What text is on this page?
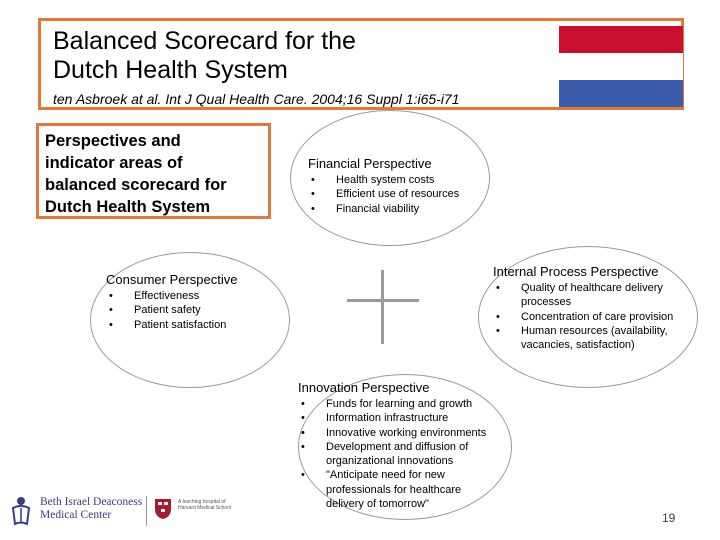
Balanced Scorecard for the
Dutch Health System
ten Asbroek at al. Int J Qual Health Care. 2004;16 Suppl 1:i65-i71
Perspectives and
indicator areas of
balanced scorecard for
Dutch Health System
Financial Perspective
• Health system costs
• Efficient use of resources
• Financial viability
Consumer Perspective
• Effectiveness
• Patient safety
• Patient satisfaction
Internal Process Perspective
• Quality of healthcare delivery processes
• Concentration of care provision
• Human resources (availability, vacancies, satisfaction)
Innovation Perspective
• Funds for learning and growth
• Information infrastructure
• Innovative working environments
• Development and diffusion of organizational innovations
• "Anticipate need for new professionals for healthcare delivery of tomorrow"
Beth Israel Deaconess
Medical Center
A teaching hospital of
Harvard Medical School
19
